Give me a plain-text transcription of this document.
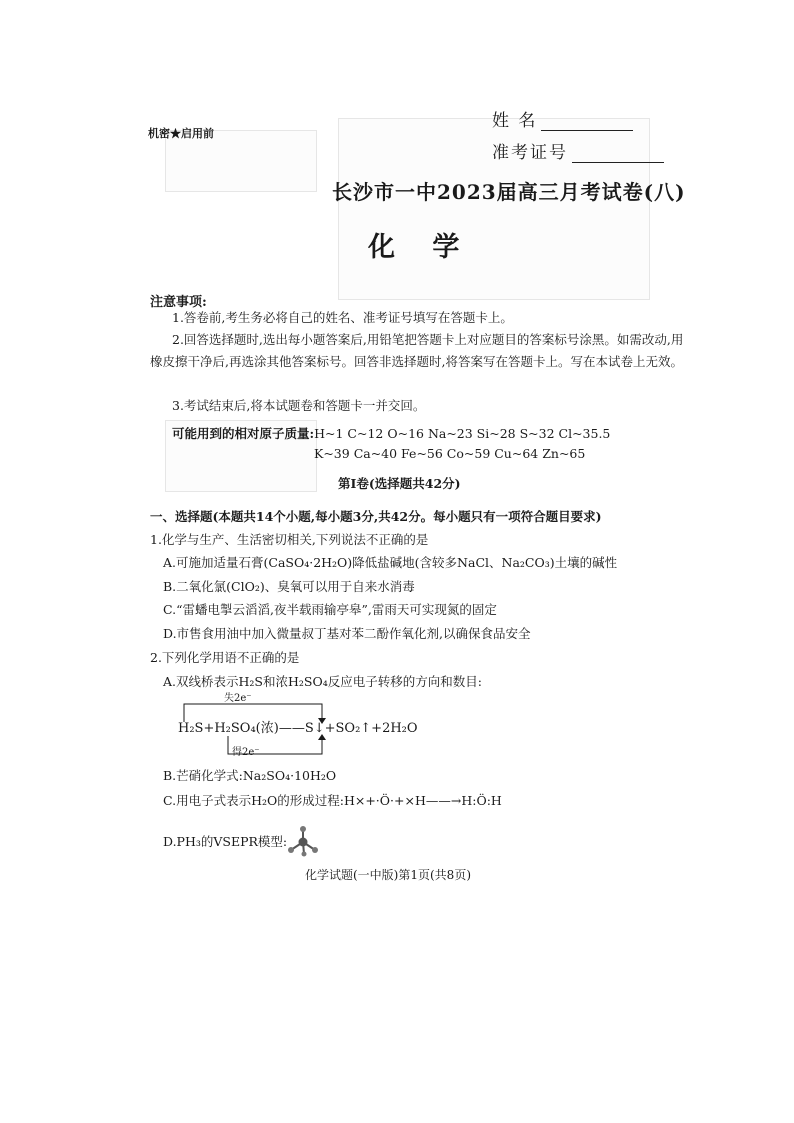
姓 名
准考证号
机密★启用前
长沙市一中2023届高三月考试卷(八)
化 学
注意事项:
1.答卷前,考生务必将自己的姓名、准考证号填写在答题卡上。
2.回答选择题时,选出每小题答案后,用铅笔把答题卡上对应题目的答案标号涂黑。如需改动,用橡皮擦干净后,再选涂其他答案标号。回答非选择题时,将答案写在答题卡上。写在本试卷上无效。
3.考试结束后,将本试题卷和答题卡一并交回。
可能用到的相对原子质量:H~1 C~12 O~16 Na~23 Si~28 S~32 Cl~35.5
K~39 Ca~40 Fe~56 Co~59 Cu~64 Zn~65
第Ⅰ卷(选择题共42分)
一、选择题(本题共14个小题,每小题3分,共42分。每小题只有一项符合题目要求)
1.化学与生产、生活密切相关,下列说法不正确的是
A.可施加适量石膏(CaSO₄·2H₂O)降低盐碱地(含较多NaCl、Na₂CO₃)土壤的碱性
B.二氧化氯(ClO₂)、臭氧可以用于自来水消毒
C.“雷蟠电掣云滔滔,夜半载雨输亭皋”,雷雨天可实现氮的固定
D.市售食用油中加入微量叔丁基对苯二酚作氧化剂,以确保食品安全
2.下列化学用语不正确的是
A.双线桥表示H₂S和浓H₂SO₄反应电子转移的方向和数目:
失2e⁻
H₂S+H₂SO₄(浓)——S↓+SO₂↑+2H₂O
得2e⁻
B.芒硝化学式:Na₂SO₄·10H₂O
C.用电子式表示H₂O的形成过程:H×+·Ö·+×H——→H:Ö:H
D.PH₃的VSEPR模型:
化学试题(一中版)第1页(共8页)
